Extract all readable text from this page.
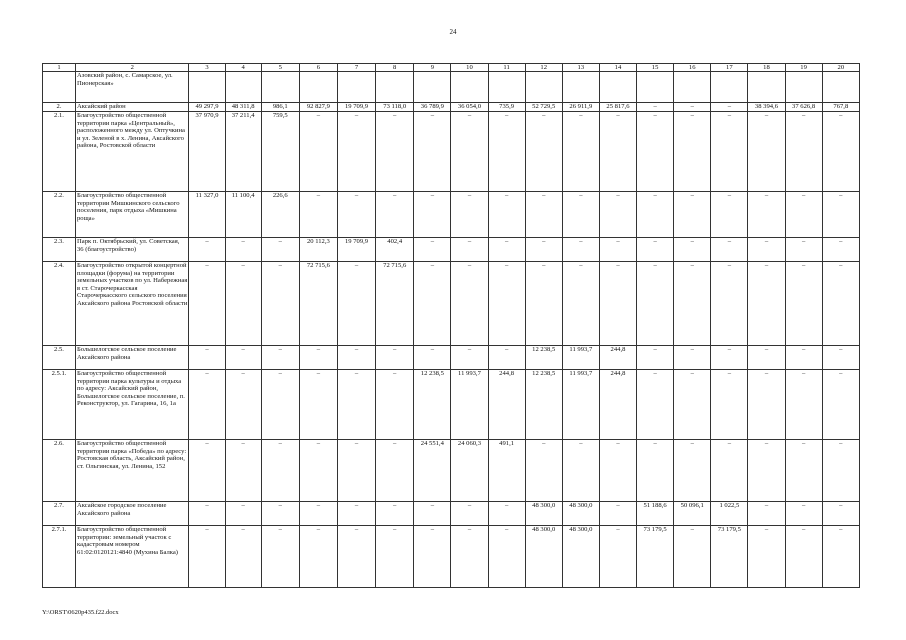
24
1	2	3	4	5	6	7	8	9	10	11	12	13	14	15	16	17	18	19	20
	Азовский район, с. Самарское, ул. Пионерская»																		
2.	Аксайский район	49 297,9	48 311,8	986,1	92 827,9	19 709,9	73 118,0	36 789,9	36 054,0	735,9	52 729,5	26 911,9	25 817,6	–	–	–	38 394,6	37 626,8	767,8
2.1.	Благоустройство общественной территории парка «Центральный», расположенного между ул. Оптучкина и ул. Зеленой в х. Ленина, Аксайского района, Ростовской области	37 970,9	37 211,4	759,5	–	–	–	–	–	–	–	–	–	–	–	–	–	–	–
2.2.	Благоустройство общественной территории Мишкинского сельского поселения, парк отдыха «Мишкина роща»	11 327,0	11 100,4	226,6	–	–	–	–	–	–	–	–	–	–	–	–	–	–	–
2.3.	Парк п. Октябрьский, ул. Советская, 36 (благоустройство)	–	–	–	20 112,3	19 709,9	402,4	–	–	–	–	–	–	–	–	–	–	–	–
2.4.	Благоустройство открытой концертной площадки (форума) на территории земельных участков по ул. Набережная в ст. Старочеркасская Старочеркасского сельского поселения Аксайского района Ростовской области	–	–	–	72 715,6	–	72 715,6	–	–	–	–	–	–	–	–	–	–	–	–
2.5.	Большелогское сельское поселение Аксайского района	–	–	–	–	–	–	–	–	–	12 238,5	11 993,7	244,8	–	–	–	–	–	–
2.5.1.	Благоустройство общественной территории парка культуры и отдыха по адресу: Аксайский район, Большелогское сельское поселение, п. Реконструктор, ул. Гагарина, 16, 1а	–	–	–	–	–	–	12 238,5	11 993,7	244,8	12 238,5	11 993,7	244,8	–	–	–	–	–	–
2.6.	Благоустройство общественной территории парка «Победа» по адресу: Ростовская область, Аксайский район, ст. Ольгинская, ул. Ленина, 152	–	–	–	–	–	–	24 551,4	24 060,3	491,1	–	–	–	–	–	–	–	–	–
2.7.	Аксайское городское поселение Аксайского района	–	–	–	–	–	–	–	–	–	48 300,0	48 300,0	–	51 188,6	50 096,1	1 022,5	–	–	–
2.7.1.	Благоустройство общественной территории: земельный участок с кадастровым номером 61:02:0120121:4840 (Мухина Балка)	–	–	–	–	–	–	–	–	–	48 300,0	48 300,0	–	73 179,5	–	73 179,5	–	–	–
Y:\ORST\0620p435.f22.docx
